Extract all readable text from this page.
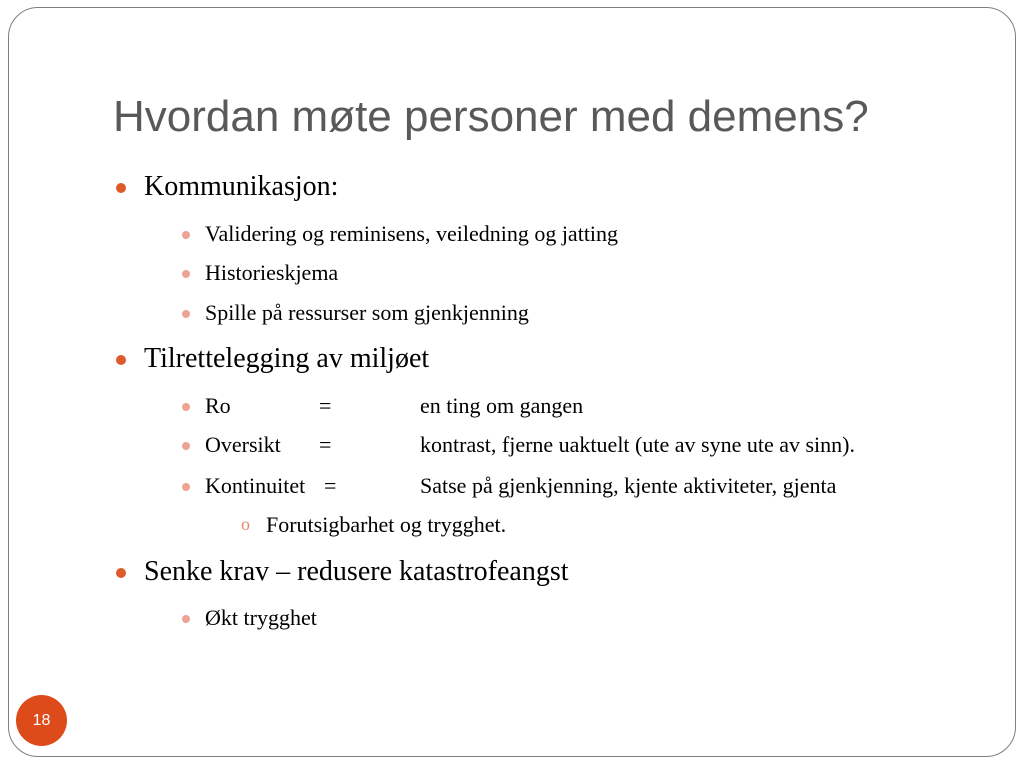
Hvordan møte personer med demens?
Kommunikasjon:
Validering og reminisens, veiledning og jatting
Historieskjema
Spille på ressurser som gjenkjenning
Tilrettelegging av miljøet
Ro	=	en ting om gangen
Oversikt =	kontrast, fjerne uaktuelt (ute av syne ute av sinn).
Kontinuitet =	Satse på gjenkjenning, kjente aktiviteter, gjenta
o Forutsigbarhet og trygghet.
Senke krav – redusere katastrofeangst
Økt trygghet
18
